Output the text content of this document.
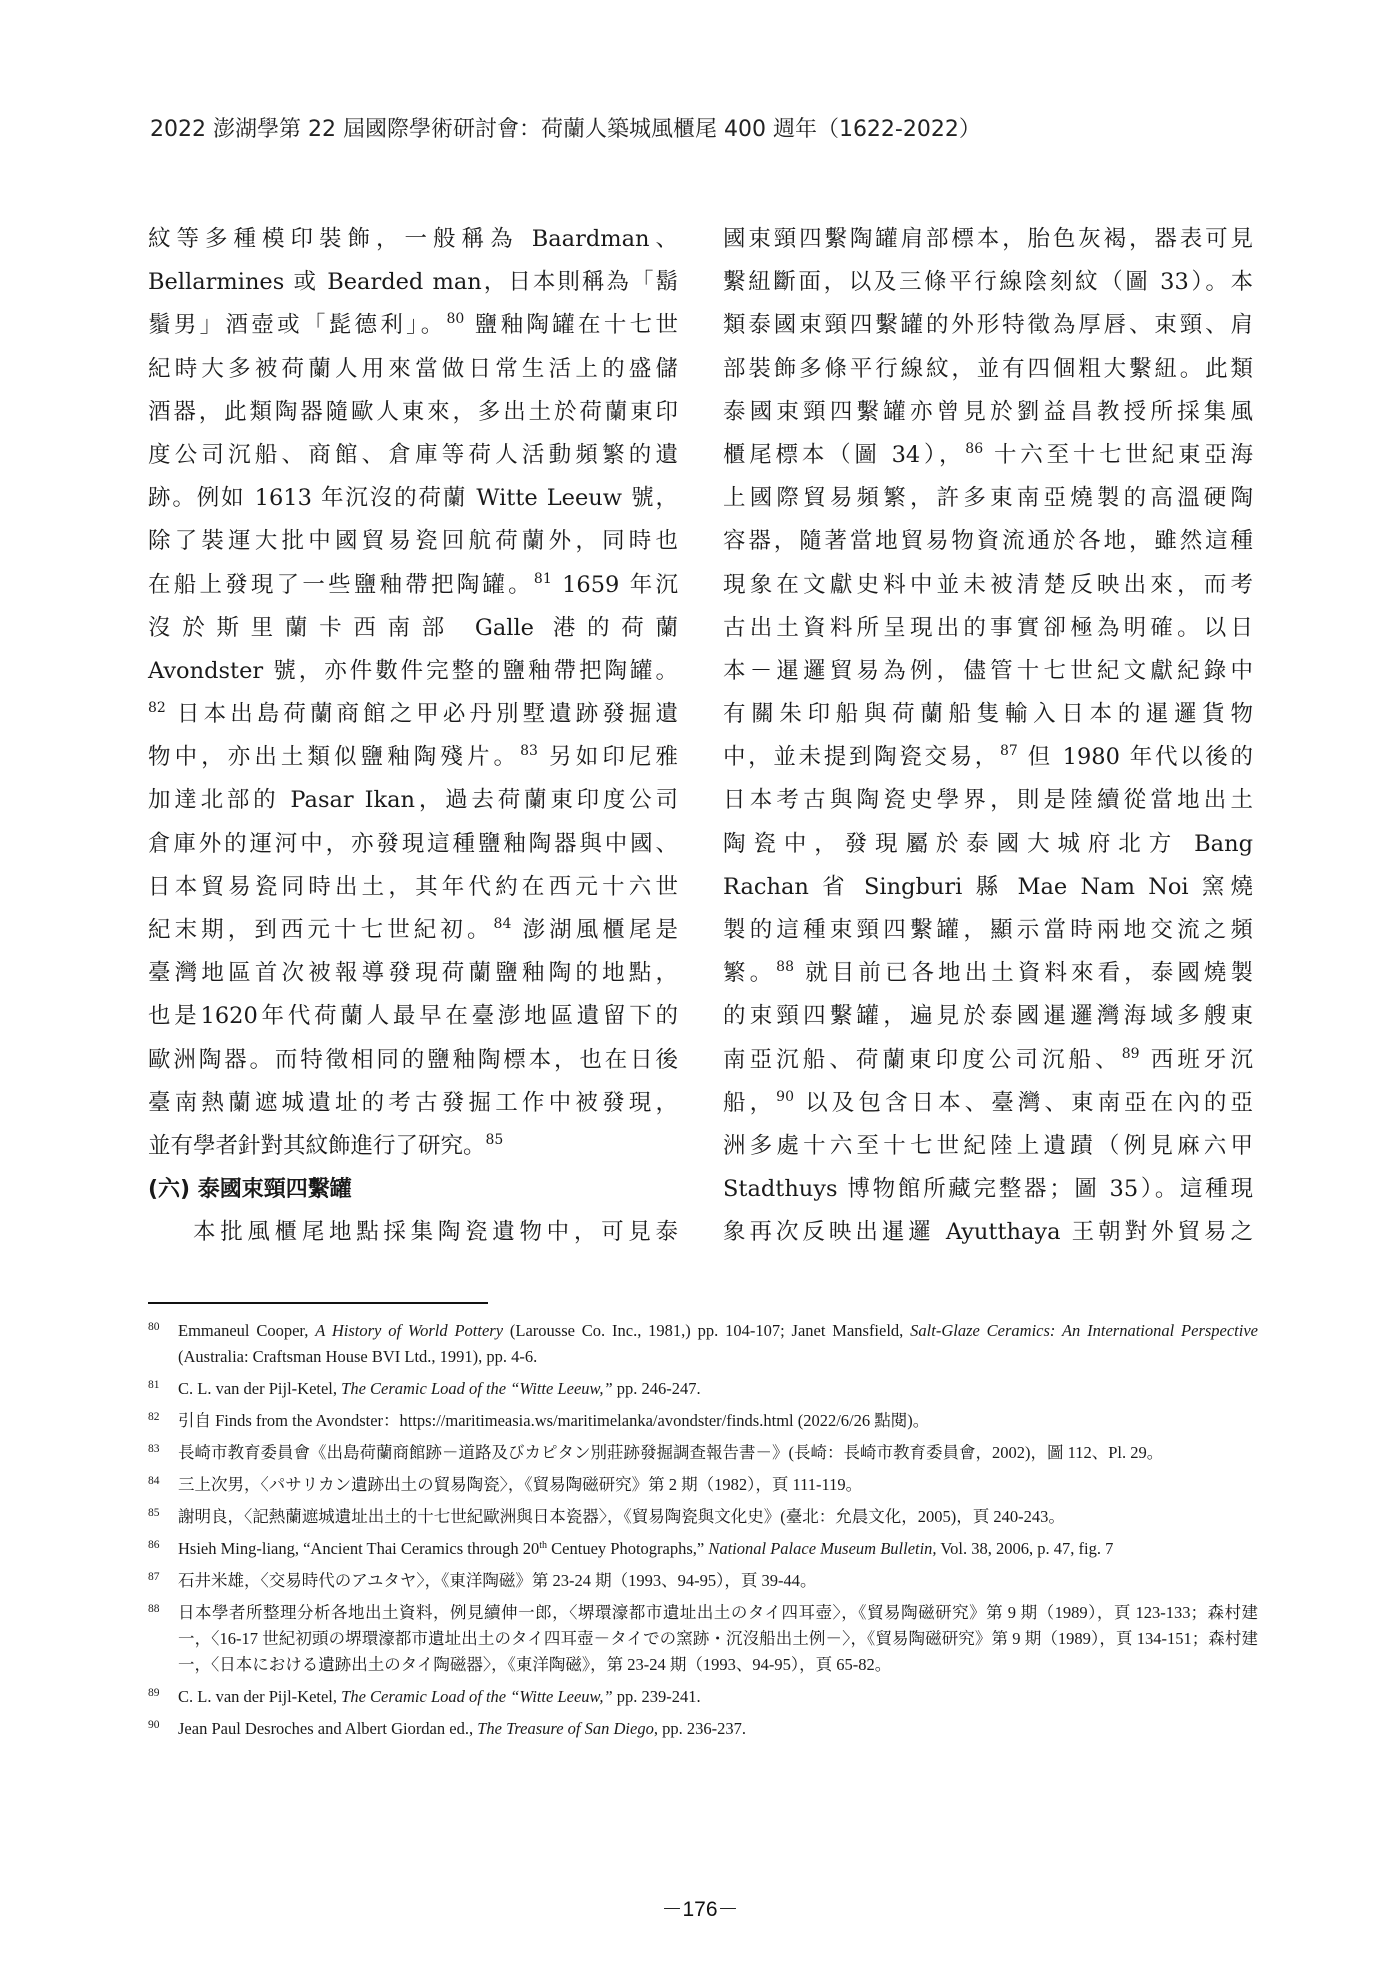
2022 澎湖學第 22 屆國際學術研討會：荷蘭人築城風櫃尾 400 週年（1622-2022）
紋等多種模印裝飾，一般稱為 Baardman、
Bellarmines 或 Bearded man，日本則稱為「鬍
鬚男」酒壺或「髭德利」。$^{80}$ 鹽釉陶罐在十七世
紀時大多被荷蘭人用來當做日常生活上的盛儲
酒器，此類陶器隨歐人東來，多出土於荷蘭東印
度公司沉船、商館、倉庫等荷人活動頻繁的遺
跡。例如 1613 年沉沒的荷蘭 Witte Leeuw 號，
除了裝運大批中國貿易瓷回航荷蘭外，同時也
在船上發現了一些鹽釉帶把陶罐。$^{81}$ 1659 年沉
沒於斯里蘭卡西南部 Galle 港的荷蘭
Avondster 號，亦件數件完整的鹽釉帶把陶罐。
$^{82}$ 日本出島荷蘭商館之甲必丹別墅遺跡發掘遺
物中，亦出土類似鹽釉陶殘片。$^{83}$ 另如印尼雅
加達北部的 Pasar Ikan，過去荷蘭東印度公司
倉庫外的運河中，亦發現這種鹽釉陶器與中國、
日本貿易瓷同時出土，其年代約在西元十六世
紀末期，到西元十七世紀初。$^{84}$ 澎湖風櫃尾是
臺灣地區首次被報導發現荷蘭鹽釉陶的地點，
也是1620年代荷蘭人最早在臺澎地區遺留下的
歐洲陶器。而特徵相同的鹽釉陶標本，也在日後
臺南熱蘭遮城遺址的考古發掘工作中被發現，
並有學者針對其紋飾進行了研究。$^{85}$
(六) 泰國束頸四繫罐
本批風櫃尾地點採集陶瓷遺物中，可見泰
國束頸四繫陶罐肩部標本，胎色灰褐，器表可見
繫紐斷面，以及三條平行線陰刻紋（圖 33）。本
類泰國束頸四繫罐的外形特徵為厚唇、束頸、肩
部裝飾多條平行線紋，並有四個粗大繫紐。此類
泰國束頸四繫罐亦曾見於劉益昌教授所採集風
櫃尾標本（圖 34），$^{86}$ 十六至十七世紀東亞海
上國際貿易頻繁，許多東南亞燒製的高溫硬陶
容器，隨著當地貿易物資流通於各地，雖然這種
現象在文獻史料中並未被清楚反映出來，而考
古出土資料所呈現出的事實卻極為明確。以日
本－暹邏貿易為例，儘管十七世紀文獻紀錄中
有關朱印船與荷蘭船隻輸入日本的暹邏貨物
中，並未提到陶瓷交易，$^{87}$ 但 1980 年代以後的
日本考古與陶瓷史學界，則是陸續從當地出土
陶瓷中，發現屬於泰國大城府北方 Bang
Rachan 省 Singburi 縣 Mae Nam Noi 窯燒
製的這種束頸四繫罐，顯示當時兩地交流之頻
繁。$^{88}$ 就目前已各地出土資料來看，泰國燒製
的束頸四繫罐，遍見於泰國暹邏灣海域多艘東
南亞沉船、荷蘭東印度公司沉船、$^{89}$ 西班牙沉
船，$^{90}$ 以及包含日本、臺灣、東南亞在內的亞
洲多處十六至十七世紀陸上遺蹟（例見麻六甲
Stadthuys 博物館所藏完整器；圖 35）。這種現
象再次反映出暹邏 Ayutthaya 王朝對外貿易之
80 Emmaneul Cooper, A History of World Pottery (Larousse Co. Inc., 1981,) pp. 104-107; Janet Mansfield, Salt-Glaze Ceramics: An International Perspective (Australia: Craftsman House BVI Ltd., 1991), pp. 4-6.
81 C. L. van der Pijl-Ketel, The Ceramic Load of the “Witte Leeuw,” pp. 246-247.
82 引自 Finds from the Avondster：https://maritimeasia.ws/maritimelanka/avondster/finds.html (2022/6/26 點閱)。
83 長崎市教育委員會《出島荷蘭商館跡－道路及びカピタン別莊跡發掘調查報告書－》(長崎：長崎市教育委員會，2002)，圖 112、Pl. 29。
84 三上次男，〈パサリカン遺跡出土の貿易陶瓷〉，《貿易陶磁研究》第 2 期（1982），頁 111-119。
85 謝明良，〈記熱蘭遮城遺址出土的十七世紀歐洲與日本瓷器〉，《貿易陶瓷與文化史》(臺北：允晨文化，2005)，頁 240-243。
86 Hsieh Ming-liang, “Ancient Thai Ceramics through 20th Centuey Photographs,” National Palace Museum Bulletin, Vol. 38, 2006, p. 47, fig. 7
87 石井米雄，〈交易時代のアユタヤ〉，《東洋陶磁》第 23-24 期（1993、94-95），頁 39-44。
88 日本學者所整理分析各地出土資料，例見續伸一郎，〈堺環濠都市遺址出土のタイ四耳壺〉，《貿易陶磁研究》第 9 期（1989），頁 123-133；森村建一，〈16-17 世紀初頭の堺環濠都市遺址出土のタイ四耳壺－タイでの窯跡・沉沒船出土例－〉，《貿易陶磁研究》第 9 期（1989），頁 134-151；森村建一，〈日本における遺跡出土のタイ陶磁器〉，《東洋陶磁》，第 23-24 期（1993、94-95），頁 65-82。
89 C. L. van der Pijl-Ketel, The Ceramic Load of the “Witte Leeuw,” pp. 239-241.
90 Jean Paul Desroches and Albert Giordan ed., The Treasure of San Diego, pp. 236-237.
－176－
